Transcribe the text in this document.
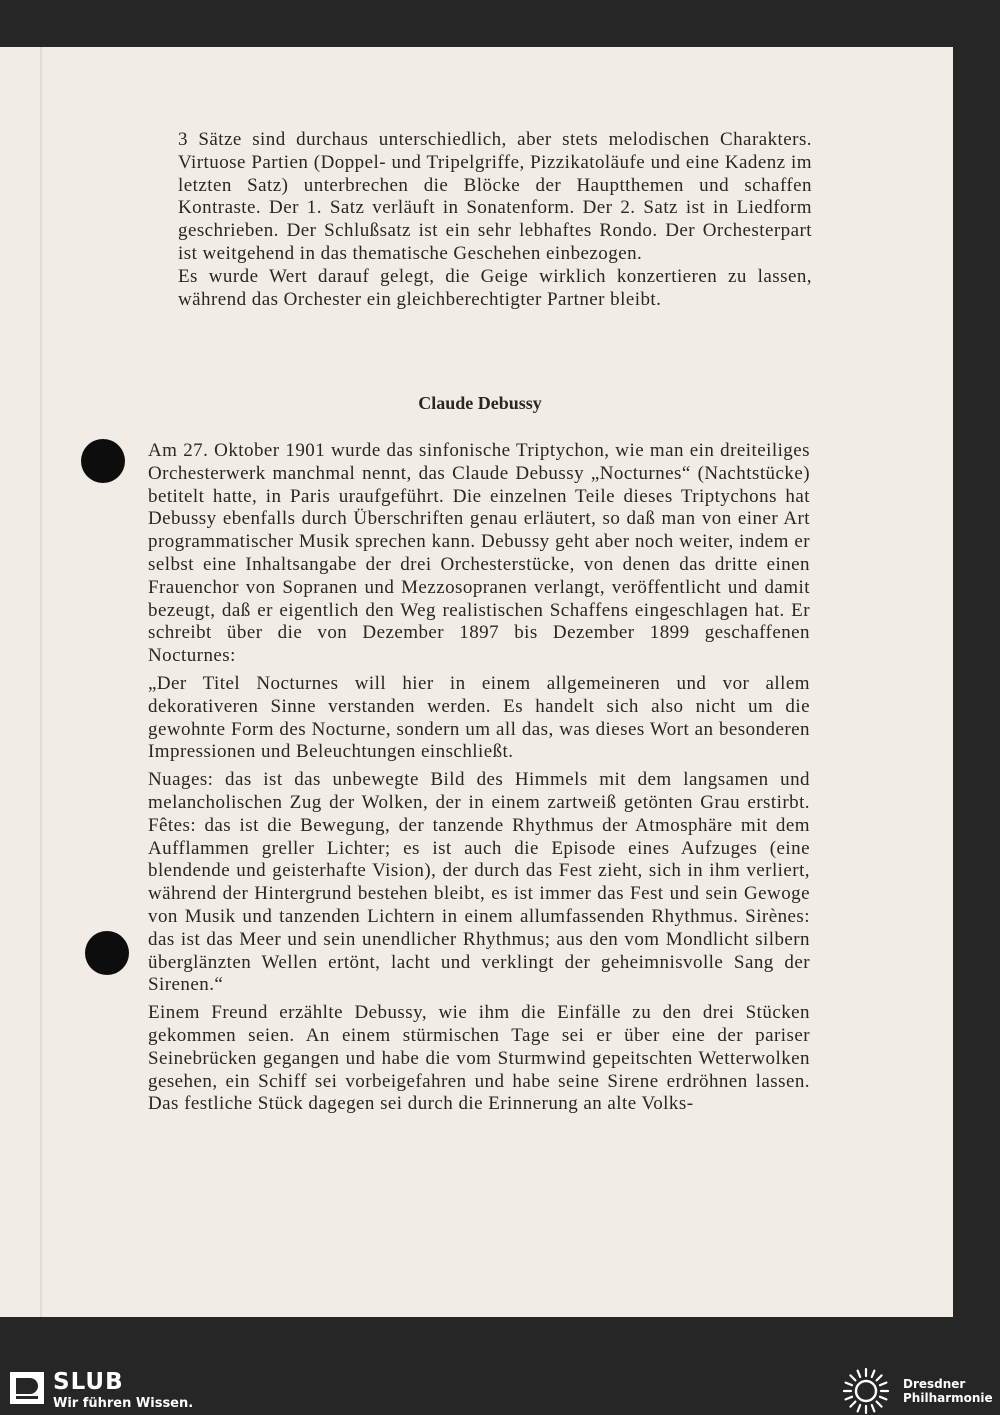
3 Sätze sind durchaus unterschiedlich, aber stets melodischen Charakters. Virtuose Partien (Doppel- und Tripelgriffe, Pizzikatoläufe und eine Kadenz im letzten Satz) unterbrechen die Blöcke der Hauptthemen und schaffen Kontraste. Der 1. Satz verläuft in Sonatenform. Der 2. Satz ist in Liedform geschrieben. Der Schlußsatz ist ein sehr lebhaftes Rondo. Der Orchesterpart ist weitgehend in das thematische Geschehen einbezogen.

Es wurde Wert darauf gelegt, die Geige wirklich konzertieren zu lassen, während das Orchester ein gleichberechtigter Partner bleibt.

Claude Debussy

Am 27. Oktober 1901 wurde das sinfonische Triptychon, wie man ein dreiteiliges Orchesterwerk manchmal nennt, das Claude Debussy „Nocturnes“ (Nachtstücke) betitelt hatte, in Paris uraufgeführt. Die einzelnen Teile dieses Triptychons hat Debussy ebenfalls durch Überschriften genau erläutert, so daß man von einer Art programmatischer Musik sprechen kann. Debussy geht aber noch weiter, indem er selbst eine Inhaltsangabe der drei Orchesterstücke, von denen das dritte einen Frauenchor von Sopranen und Mezzosopranen verlangt, veröffentlicht und damit bezeugt, daß er eigentlich den Weg realistischen Schaffens eingeschlagen hat. Er schreibt über die von Dezember 1897 bis Dezember 1899 geschaffenen Nocturnes:

„Der Titel Nocturnes will hier in einem allgemeineren und vor allem dekorativeren Sinne verstanden werden. Es handelt sich also nicht um die gewohnte Form des Nocturne, sondern um all das, was dieses Wort an besonderen Impressionen und Beleuchtungen einschließt.

Nuages: das ist das unbewegte Bild des Himmels mit dem langsamen und melancholischen Zug der Wolken, der in einem zartweiß getönten Grau erstirbt. Fêtes: das ist die Bewegung, der tanzende Rhythmus der Atmosphäre mit dem Aufflammen greller Lichter; es ist auch die Episode eines Aufzuges (eine blendende und geisterhafte Vision), der durch das Fest zieht, sich in ihm verliert, während der Hintergrund bestehen bleibt, es ist immer das Fest und sein Gewoge von Musik und tanzenden Lichtern in einem allumfassenden Rhythmus. Sirènes: das ist das Meer und sein unendlicher Rhythmus; aus den vom Mondlicht silbern überglänzten Wellen ertönt, lacht und verklingt der geheimnisvolle Sang der Sirenen.“

Einem Freund erzählte Debussy, wie ihm die Einfälle zu den drei Stücken gekommen seien. An einem stürmischen Tage sei er über eine der pariser Seinebrücken gegangen und habe die vom Sturmwind gepeitschten Wetterwolken gesehen, ein Schiff sei vorbeigefahren und habe seine Sirene erdröhnen lassen. Das festliche Stück dagegen sei durch die Erinnerung an alte Volks-

SLUB
Wir führen Wissen.
Dresdner
Philharmonie
